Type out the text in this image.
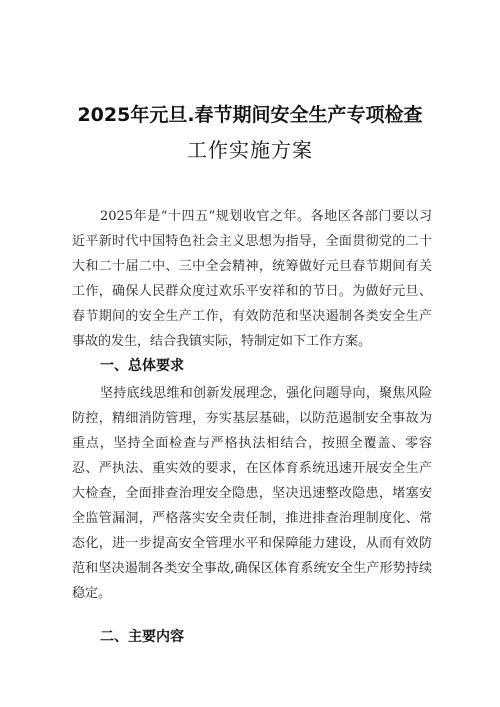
2025年元旦.春节期间安全生产专项检查
工作实施方案
2025年是“十四五”规划收官之年。各地区各部门要以习近平新时代中国特色社会主义思想为指导，全面贯彻党的二十大和二十届二中、三中全会精神，统筹做好元旦春节期间有关工作，确保人民群众度过欢乐平安祥和的节日。为做好元旦、春节期间的安全生产工作，有效防范和坚决遏制各类安全生产事故的发生，结合我镇实际，特制定如下工作方案。
一、总体要求
坚持底线思维和创新发展理念，强化问题导向，聚焦风险防控，精细消防管理，夯实基层基础，以防范遏制安全事故为重点，坚持全面检查与严格执法相结合，按照全覆盖、零容忍、严执法、重实效的要求，在区体育系统迅速开展安全生产大检查，全面排查治理安全隐患，坚决迅速整改隐患，堵塞安全监管漏洞，严格落实安全责任制，推进排查治理制度化、常态化，进一步提高安全管理水平和保障能力建设，从而有效防范和坚决遏制各类安全事故,确保区体育系统安全生产形势持续稳定。
二、主要内容
